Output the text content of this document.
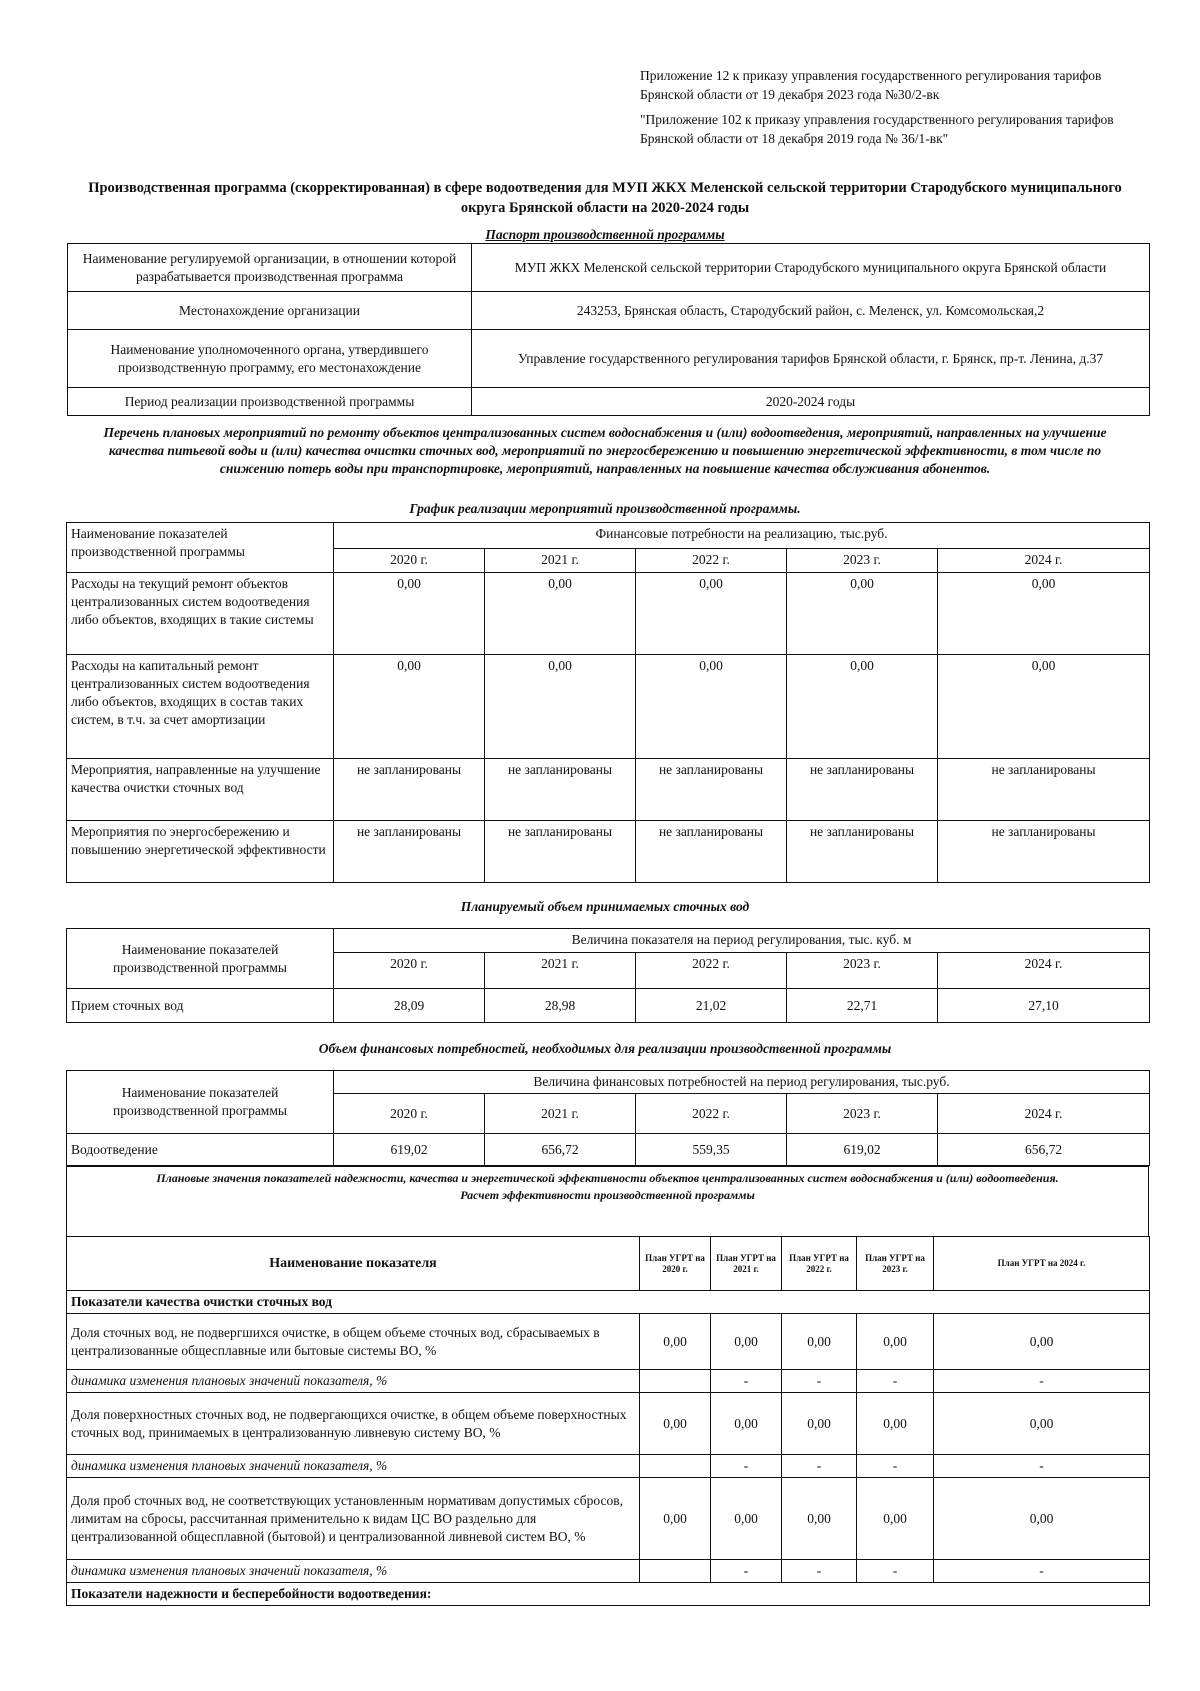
Приложение 12 к приказу управления государственного регулирования тарифов Брянской области от 19 декабря 2023 года №30/2-вк
"Приложение 102 к приказу управления государственного регулирования тарифов Брянской области от 18 декабря 2019 года № 36/1-вк"
Производственная программа (скорректированная) в сфере водоотведения для МУП ЖКХ Меленской сельской территории Стародубского муниципального округа Брянской области на 2020-2024 годы
Паспорт производственной программы
Наименование регулируемой организации, в отношении которой разрабатывается производственная программа	МУП ЖКХ Меленской сельской территории Стародубского муниципального округа Брянской области
Местонахождение организации	243253, Брянская область, Стародубский район, с. Меленск, ул. Комсомольская,2
Наименование уполномоченного органа, утвердившего производственную программу, его местонахождение	Управление государственного регулирования тарифов Брянской области, г. Брянск, пр-т. Ленина, д.37
Период реализации производственной программы	2020-2024 годы
Перечень плановых мероприятий по ремонту объектов централизованных систем водоснабжения и (или) водоотведения, мероприятий, направленных на улучшение качества питьевой воды и (или) качества очистки сточных вод, мероприятий по энергосбережению и повышению энергетической эффективности, в том числе по снижению потерь воды при транспортировке, мероприятий, направленных на повышение качества обслуживания абонентов.
График реализации мероприятий производственной программы.
Наименование показателей производственной программы	Финансовые потребности на реализацию, тыс.руб.				
	2020 г.	2021 г.	2022 г.	2023 г.	2024 г.
Расходы на текущий ремонт объектов централизованных систем водоотведения либо объектов, входящих в такие системы	0,00	0,00	0,00	0,00	0,00
Расходы на капитальный ремонт централизованных систем водоотведения либо объектов, входящих в состав таких систем, в т.ч. за счет амортизации	0,00	0,00	0,00	0,00	0,00
Мероприятия, направленные на улучшение качества очистки сточных вод	не запланированы	не запланированы	не запланированы	не запланированы	не запланированы
Мероприятия по энергосбережению и повышению энергетической эффективности	не запланированы	не запланированы	не запланированы	не запланированы	не запланированы
Планируемый объем принимаемых сточных вод
Наименование показателей производственной программы	Величина показателя на период регулирования, тыс. куб. м				
	2020 г.	2021 г.	2022 г.	2023 г.	2024 г.
Прием сточных вод	28,09	28,98	21,02	22,71	27,10
Объем финансовых потребностей, необходимых для реализации производственной программы
Наименование показателей производственной программы	Величина финансовых потребностей на период регулирования, тыс.руб.				
	2020 г.	2021 г.	2022 г.	2023 г.	2024 г.
Водоотведение	619,02	656,72	559,35	619,02	656,72
Плановые значения показателей надежности, качества и энергетической эффективности объектов централизованных систем водоснабжения и (или) водоотведения.
Расчет эффективности производственной программы
Наименование показателя	План УГРТ на 2020 г.	План УГРТ на 2021 г.	План УГРТ на 2022 г.	План УГРТ на 2023 г.	План УГРТ на 2024 г.
Показатели качества очистки сточных вод					
Доля сточных вод, не подвергшихся очистке, в общем объеме сточных вод, сбрасываемых в централизованные общесплавные или бытовые системы ВО, %	0,00	0,00	0,00	0,00	0,00
динамика изменения плановых значений показателя, %		-	-	-	-
Доля поверхностных сточных вод, не подвергающихся очистке, в общем объеме поверхностных сточных вод, принимаемых в централизованную ливневую систему ВО, %	0,00	0,00	0,00	0,00	0,00
динамика изменения плановых значений показателя, %		-	-	-	-
Доля проб сточных вод, не соответствующих установленным нормативам допустимых сбросов, лимитам на сбросы, рассчитанная применительно к видам ЦС ВО раздельно для централизованной общесплавной (бытовой) и централизованной ливневой систем ВО, %	0,00	0,00	0,00	0,00	0,00
динамика изменения плановых значений показателя, %		-	-	-	-
Показатели надежности и бесперебойности водоотведения:					
